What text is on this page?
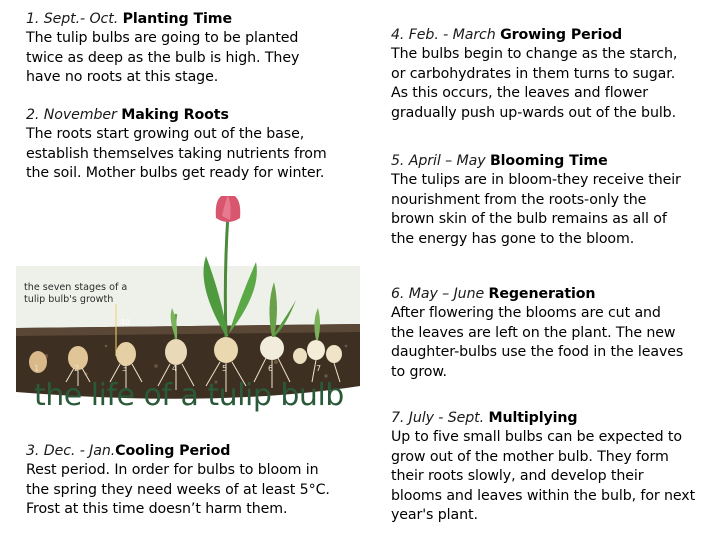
1. Sept.- Oct. Planting Time
The tulip bulbs are going to be planted
twice as deep as the bulb is high. They
have no roots at this stage.
2. November Making Roots
The roots start growing out of the base,
establish themselves taking nutrients from
the soil. Mother bulbs get ready for winter.
the seven stages of a tulip bulb's growth
40
1	2	3	4	5	6	7
the life of a tulip bulb
3. Dec. - Jan.Cooling Period
Rest period. In order for bulbs to bloom in
the spring they need weeks of at least 5°C.
Frost at this time doesn’t harm them.
4. Feb. - March Growing Period
The bulbs begin to change as the starch,
or carbohydrates in them turns to sugar.
As this occurs, the leaves and flower
gradually push up-wards out of the bulb.
5. April – May Blooming Time
The tulips are in bloom-they receive their
nourishment from the roots-only the
brown skin of the bulb remains as all of
the energy has gone to the bloom.
6. May – June Regeneration
After flowering the blooms are cut and
the leaves are left on the plant. The new
daughter-bulbs use the food in the leaves
to grow.
7. July - Sept. Multiplying
Up to five small bulbs can be expected to
grow out of the mother bulb. They form
their roots slowly, and develop their
blooms and leaves within the bulb, for next
year's plant.
